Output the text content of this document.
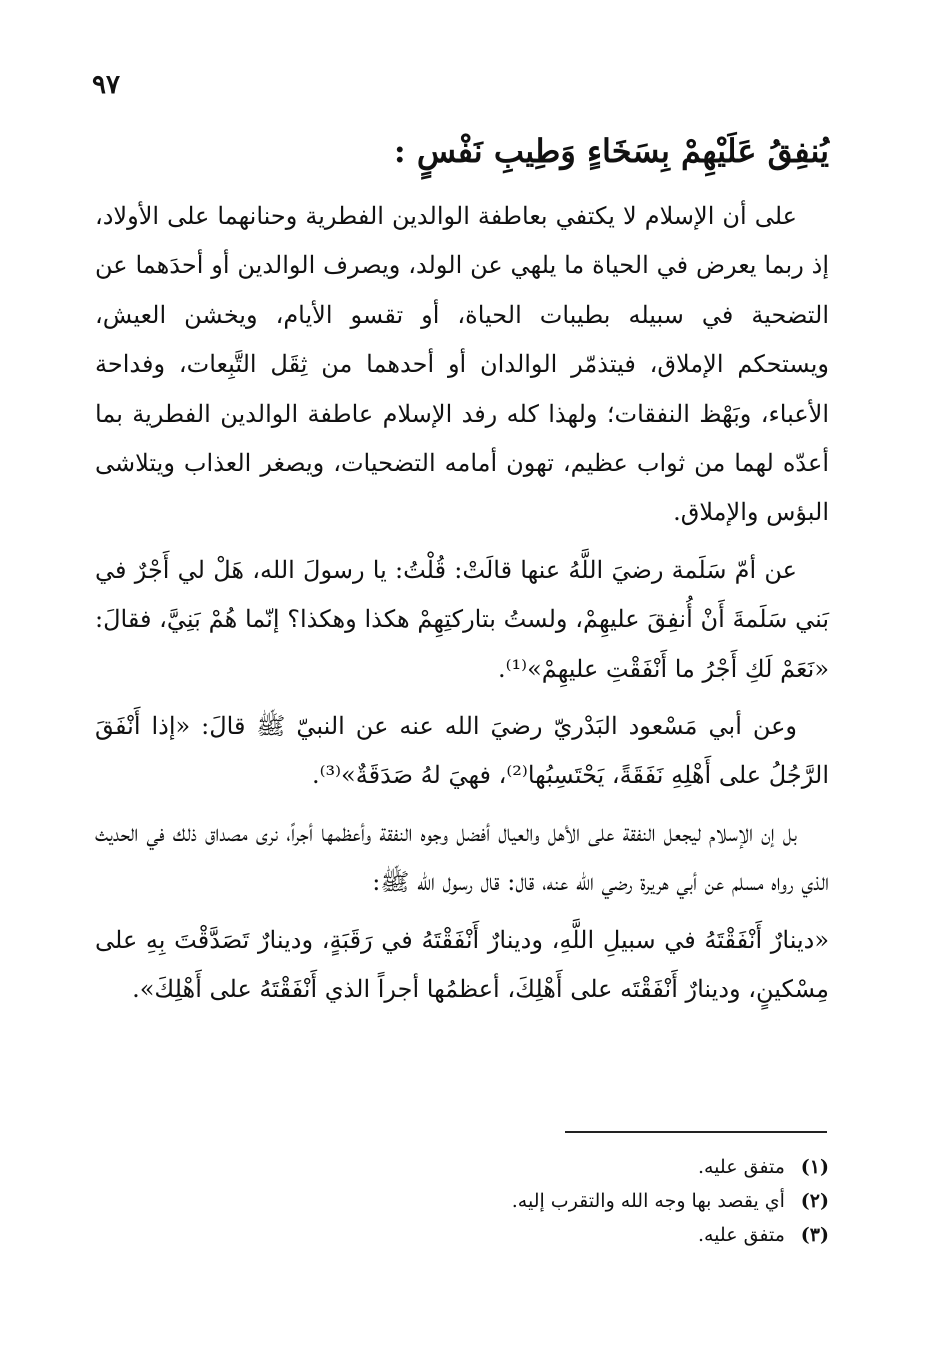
٩٧
يُنفِقُ عَلَيْهِمْ بِسَخَاءٍ وَطِيبِ نَفْسٍ :

على أن الإسلام لا يكتفي بعاطفة الوالدين الفطرية وحنانهما على الأولاد، إذ ربما يعرض في الحياة ما يلهي عن الولد، ويصرف الوالدين أو أحدَهما عن التضحية في سبيله بطيبات الحياة، أو تقسو الأيام، ويخشن العيش، ويستحكم الإملاق، فيتذمّر الوالدان أو أحدهما من ثِقَل التَّبِعات، وفداحة الأعباء، وبَهْظ النفقات؛ ولهذا كله رفد الإسلام عاطفة الوالدين الفطرية بما أعدّه لهما من ثواب عظيم، تهون أمامه التضحيات، ويصغر العذاب ويتلاشى البؤس والإملاق.

عن أمّ سَلَمة رضيَ اللَّهُ عنها قالَتْ: قُلْتُ: يا رسولَ الله، هَلْ لي أَجْرٌ في بَني سَلَمةَ أَنْ أُنفِقَ عليهِمْ، ولستُ بتاركتِهِمْ هكذا وهكذا؟ إنّما هُمْ بَنِيَّ، فقالَ: «نَعَمْ لَكِ أَجْرُ ما أَنْفَقْتِ عليهِمْ»⁽¹⁾.

وعن أبي مَسْعود البَدْريّ رضيَ الله عنه عن النبيّ ﷺ قالَ: «إذا أَنْفَقَ الرَّجُلُ على أَهْلِهِ نَفَقَةً، يَحْتَسِبُها⁽²⁾، فهيَ لهُ صَدَقَةٌ»⁽³⁾.

بل إن الإسلام ليجعل النفقة على الأهل والعيال أفضل وجوه النفقة وأعظمها أجراً، نرى مصداق ذلك في الحديث الذي رواه مسلم عن أبي هريرة رضي الله عنه، قال: قال رسول الله ﷺ:

«دينارٌ أَنْفَقْتَهُ في سبيلِ اللَّهِ، ودينارٌ أَنْفَقْتَهُ في رَقَبَةٍ، ودينارٌ تَصَدَّقْتَ بِهِ على مِسْكينٍ، ودينارٌ أَنْفَقْتَه على أَهْلِكَ، أعظمُها أجراً الذي أَنْفَقْتَهُ على أَهْلِكَ».

(١) متفق عليه.
(٢) أي يقصد بها وجه الله والتقرب إليه.
(٣) متفق عليه.
